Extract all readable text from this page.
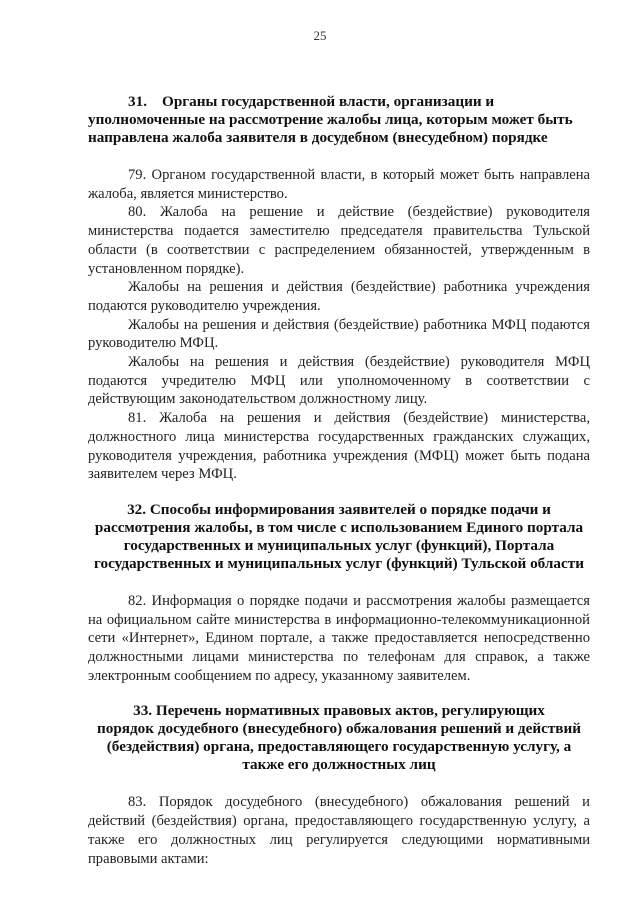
25
31. Органы государственной власти, организации и
уполномоченные на рассмотрение жалобы лица, которым может быть
направлена жалоба заявителя в досудебном (внесудебном) порядке

79. Органом государственной власти, в который может быть направлена жалоба, является министерство.

80. Жалоба на решение и действие (бездействие) руководителя министерства подается заместителю председателя правительства Тульской области (в соответствии с распределением обязанностей, утвержденным в установленном порядке).

Жалобы на решения и действия (бездействие) работника учреждения подаются руководителю учреждения.

Жалобы на решения и действия (бездействие) работника МФЦ подаются руководителю МФЦ.

Жалобы на решения и действия (бездействие) руководителя МФЦ подаются учредителю МФЦ или уполномоченному в соответствии с действующим законодательством должностному лицу.

81. Жалоба на решения и действия (бездействие) министерства, должностного лица министерства государственных гражданских служащих, руководителя учреждения, работника учреждения (МФЦ) может быть подана заявителем через МФЦ.

32. Способы информирования заявителей о порядке подачи и
рассмотрения жалобы, в том числе с использованием Единого портала
государственных и муниципальных услуг (функций), Портала
государственных и муниципальных услуг (функций) Тульской области

82. Информация о порядке подачи и рассмотрения жалобы размещается на официальном сайте министерства в информационно-телекоммуникационной сети «Интернет», Едином портале, а также предоставляется непосредственно должностными лицами министерства по телефонам для справок, а также электронным сообщением по адресу, указанному заявителем.

33. Перечень нормативных правовых актов, регулирующих
порядок досудебного (внесудебного) обжалования решений и действий
(бездействия) органа, предоставляющего государственную услугу, а
также его должностных лиц

83. Порядок досудебного (внесудебного) обжалования решений и действий (бездействия) органа, предоставляющего государственную услугу, а также его должностных лиц регулируется следующими нормативными правовыми актами:
